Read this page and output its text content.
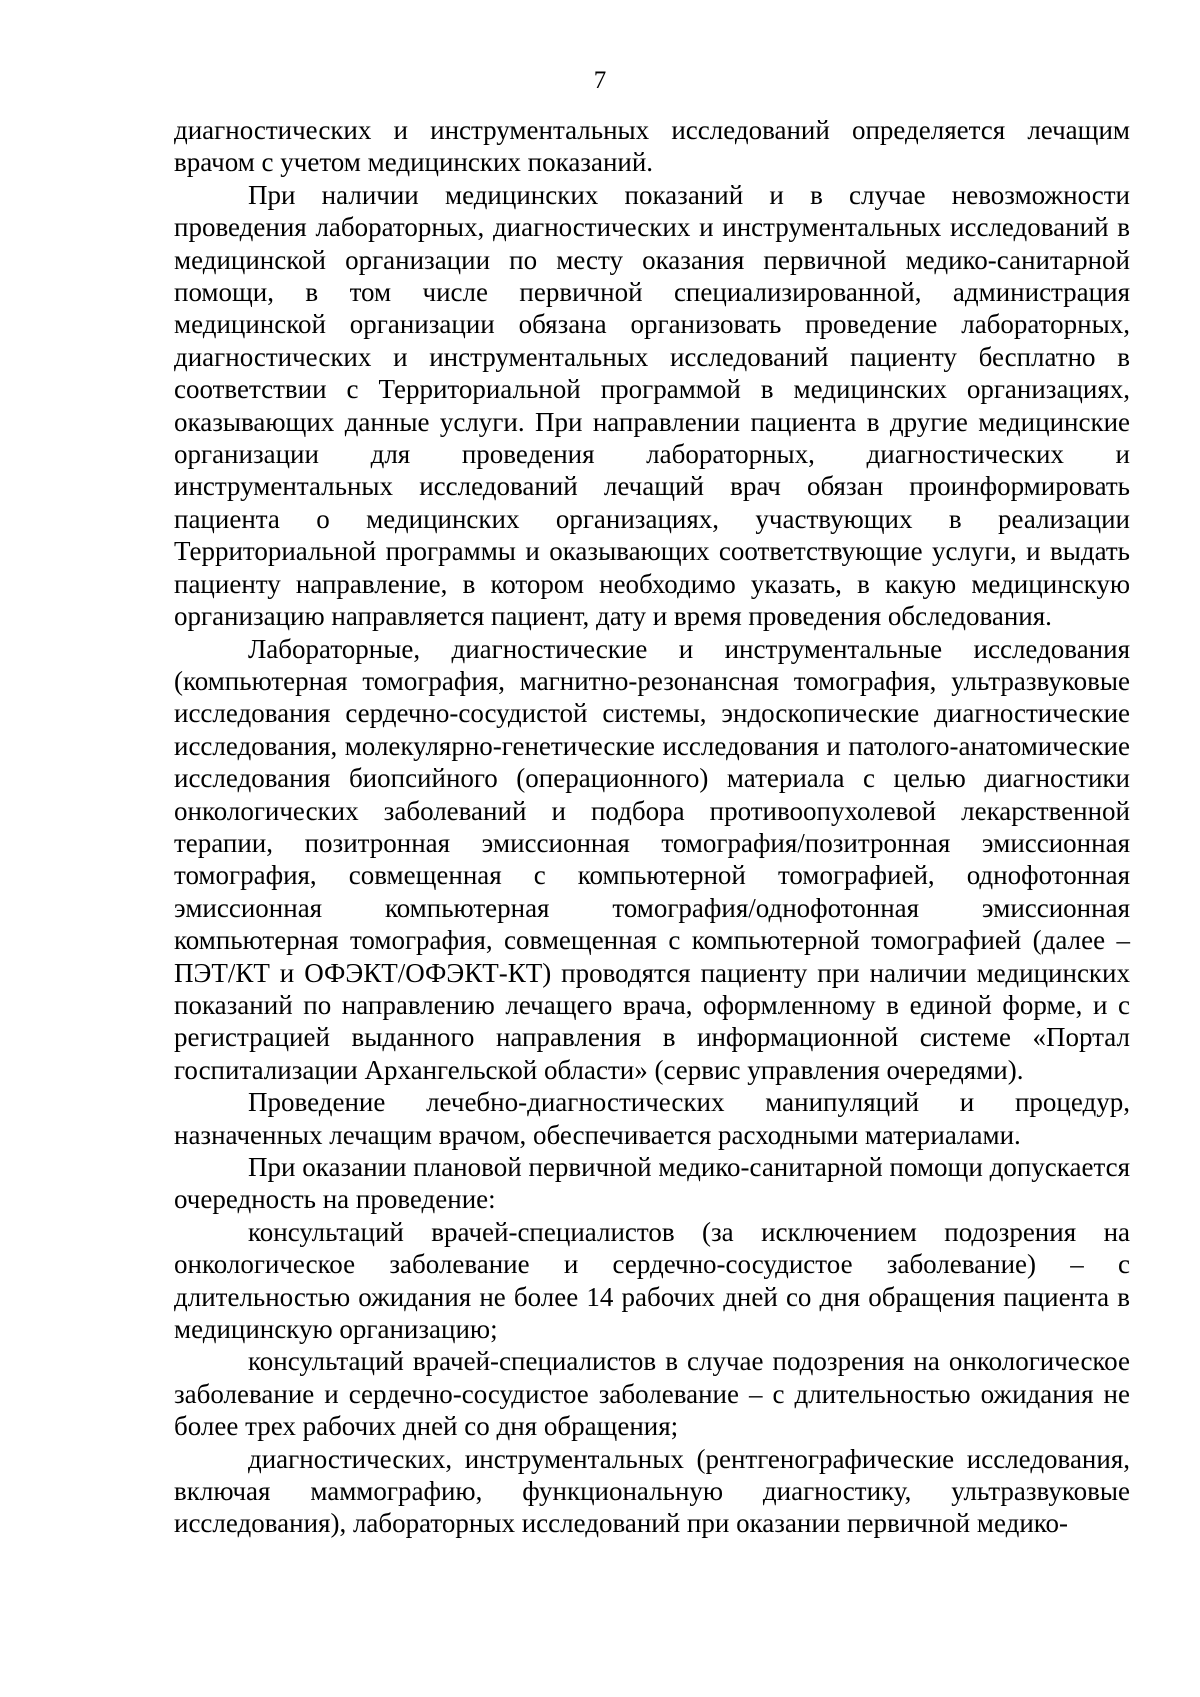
7

диагностических и инструментальных исследований определяется лечащим врачом с учетом медицинских показаний.

При наличии медицинских показаний и в случае невозможности проведения лабораторных, диагностических и инструментальных исследований в медицинской организации по месту оказания первичной медико-санитарной помощи, в том числе первичной специализированной, администрация медицинской организации обязана организовать проведение лабораторных, диагностических и инструментальных исследований пациенту бесплатно в соответствии с Территориальной программой в медицинских организациях, оказывающих данные услуги. При направлении пациента в другие медицинские организации для проведения лабораторных, диагностических и инструментальных исследований лечащий врач обязан проинформировать пациента о медицинских организациях, участвующих в реализации Территориальной программы и оказывающих соответствующие услуги, и выдать пациенту направление, в котором необходимо указать, в какую медицинскую организацию направляется пациент, дату и время проведения обследования.

Лабораторные, диагностические и инструментальные исследования (компьютерная томография, магнитно-резонансная томография, ультразвуковые исследования сердечно-сосудистой системы, эндоскопические диагностические исследования, молекулярно-генетические исследования и патолого-анатомические исследования биопсийного (операционного) материала с целью диагностики онкологических заболеваний и подбора противоопухолевой лекарственной терапии, позитронная эмиссионная томография/позитронная эмиссионная томография, совмещенная с компьютерной томографией, однофотонная эмиссионная компьютерная томография/однофотонная эмиссионная компьютерная томография, совмещенная с компьютерной томографией (далее – ПЭТ/КТ и ОФЭКТ/ОФЭКТ-КТ) проводятся пациенту при наличии медицинских показаний по направлению лечащего врача, оформленному в единой форме, и с регистрацией выданного направления в информационной системе «Портал госпитализации Архангельской области» (сервис управления очередями).

Проведение лечебно-диагностических манипуляций и процедур, назначенных лечащим врачом, обеспечивается расходными материалами.

При оказании плановой первичной медико-санитарной помощи допускается очередность на проведение:

консультаций врачей-специалистов (за исключением подозрения на онкологическое заболевание и сердечно-сосудистое заболевание) – с длительностью ожидания не более 14 рабочих дней со дня обращения пациента в медицинскую организацию;

консультаций врачей-специалистов в случае подозрения на онкологическое заболевание и сердечно-сосудистое заболевание – с длительностью ожидания не более трех рабочих дней со дня обращения;

диагностических, инструментальных (рентгенографические исследования, включая маммографию, функциональную диагностику, ультразвуковые исследования), лабораторных исследований при оказании первичной медико-
